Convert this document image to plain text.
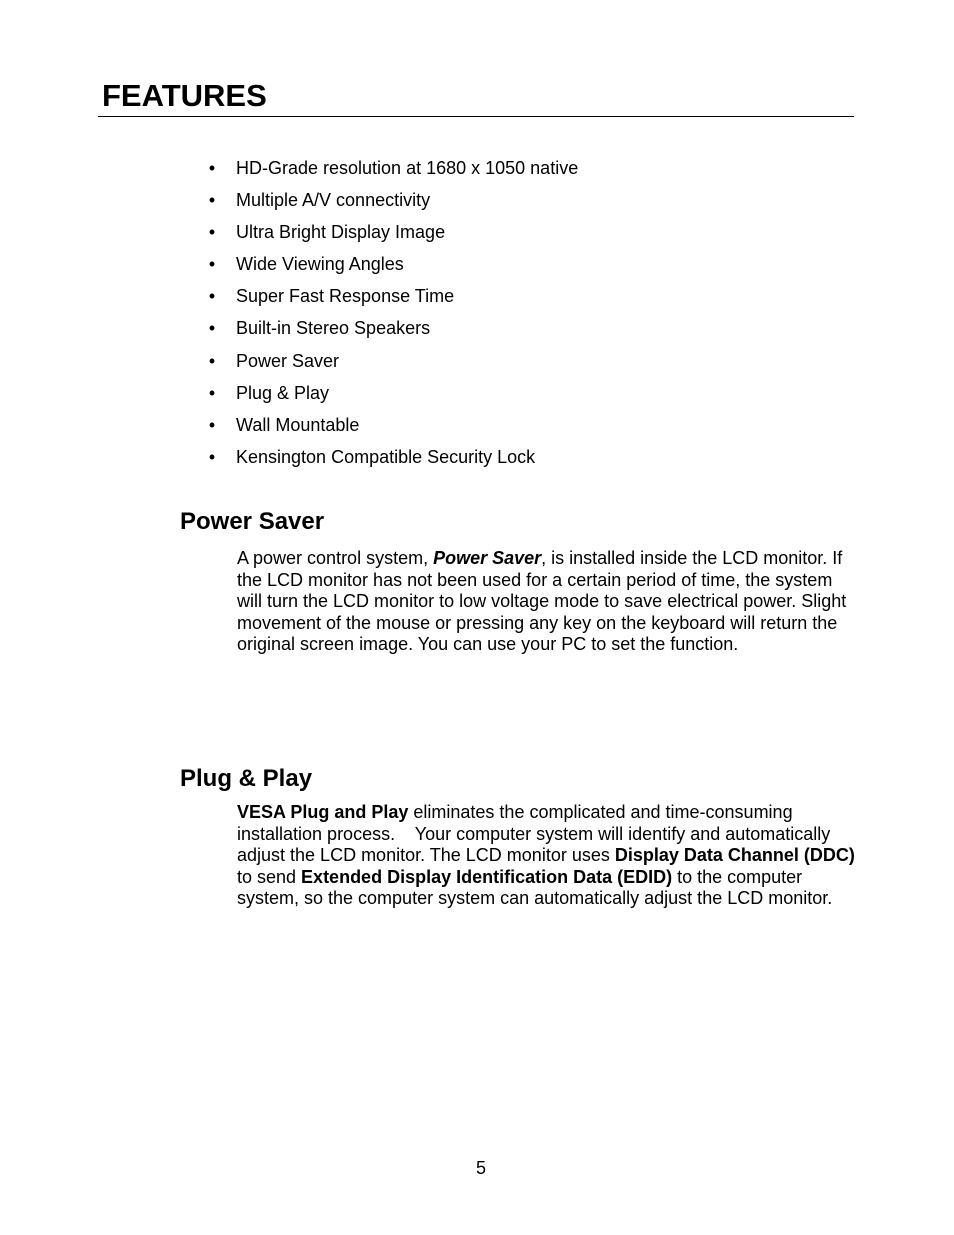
FEATURES
• HD-Grade resolution at 1680 x 1050 native
• Multiple A/V connectivity
• Ultra Bright Display Image
• Wide Viewing Angles
• Super Fast Response Time
• Built-in Stereo Speakers
• Power Saver
• Plug & Play
• Wall Mountable
• Kensington Compatible Security Lock
Power Saver

A power control system, Power Saver, is installed inside the LCD monitor. If the LCD monitor has not been used for a certain period of time, the system will turn the LCD monitor to low voltage mode to save electrical power. Slight movement of the mouse or pressing any key on the keyboard will return the original screen image. You can use your PC to set the function.

Plug & Play

VESA Plug and Play eliminates the complicated and time-consuming installation process.    Your computer system will identify and automatically adjust the LCD monitor. The LCD monitor uses Display Data Channel (DDC) to send Extended Display Identification Data (EDID) to the computer system, so the computer system can automatically adjust the LCD monitor.

5
